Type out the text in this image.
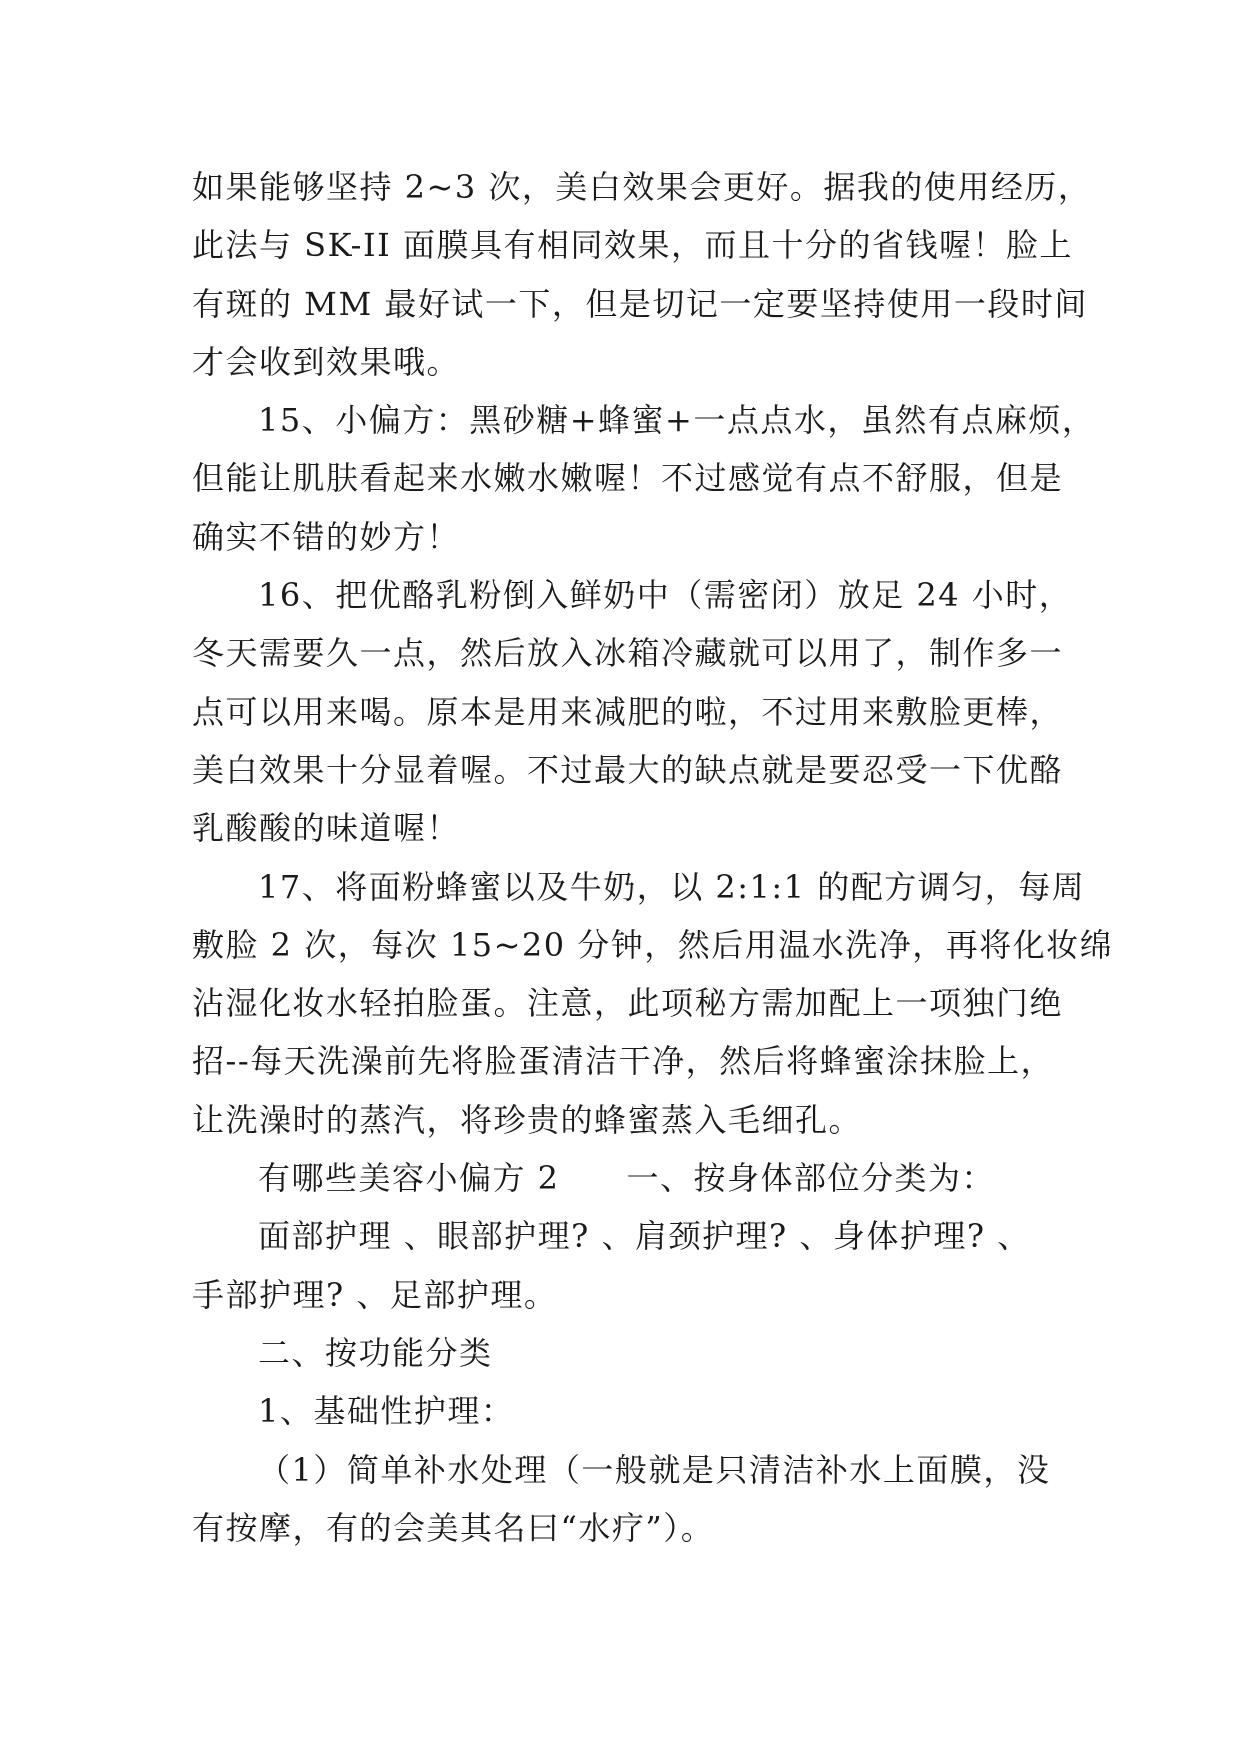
如果能够坚持 2~3 次，美白效果会更好。据我的使用经历，
此法与 SK-II 面膜具有相同效果，而且十分的省钱喔！脸上
有斑的 MM 最好试一下，但是切记一定要坚持使用一段时间
才会收到效果哦。
15、小偏方：黑砂糖+蜂蜜+一点点水，虽然有点麻烦，
但能让肌肤看起来水嫩水嫩喔！不过感觉有点不舒服，但是
确实不错的妙方！
16、把优酪乳粉倒入鲜奶中（需密闭）放足 24 小时，
冬天需要久一点，然后放入冰箱冷藏就可以用了，制作多一
点可以用来喝。原本是用来减肥的啦，不过用来敷脸更棒，
美白效果十分显着喔。不过最大的缺点就是要忍受一下优酪
乳酸酸的味道喔！
17、将面粉蜂蜜以及牛奶，以 2:1:1 的配方调匀，每周
敷脸 2 次，每次 15~20 分钟，然后用温水洗净，再将化妆绵
沾湿化妆水轻拍脸蛋。注意，此项秘方需加配上一项独门绝
招--每天洗澡前先将脸蛋清洁干净，然后将蜂蜜涂抹脸上，
让洗澡时的蒸汽，将珍贵的蜂蜜蒸入毛细孔。
有哪些美容小偏方 2　　一、按身体部位分类为：
面部护理 、眼部护理? 、肩颈护理? 、身体护理? 、
手部护理? 、足部护理。
二、按功能分类
1、基础性护理：
（1）简单补水处理（一般就是只清洁补水上面膜，没
有按摩，有的会美其名曰“水疗”）。
